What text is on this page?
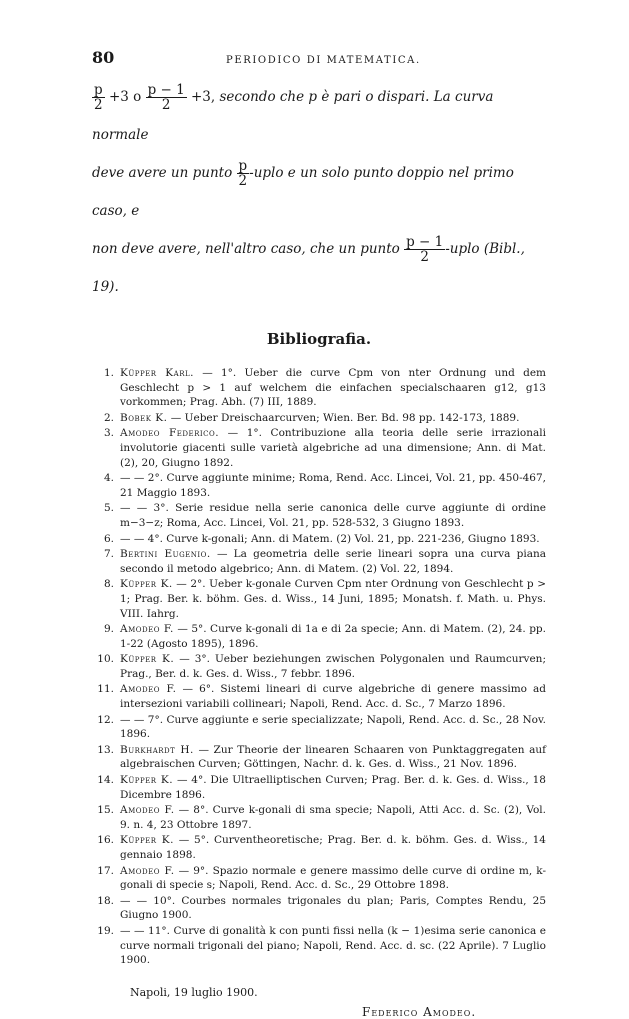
80	PERIODICO DI MATEMATICA.

$\frac{p}{2} +3$ o $\frac{p - 1}{2} +3$, secondo che p è pari o dispari. La curva normale

deve avere un punto $\frac{p}{2}$ -uplo e un solo punto doppio nel primo caso, e

non deve avere, nell'altro caso, che un punto $\frac{p - 1}{2}$ -uplo (Bibl., 19).

Bibliografia.
1. Küpper Karl. — 1°. Ueber die curve Cpm von nter Ordnung und dem Geschlecht p > 1 auf welchem die einfachen specialschaaren g12, g13 vorkommen; Prag. Abh. (7) III, 1889.
2. Bobek K. — Ueber Dreischaarcurven; Wien. Ber. Bd. 98 pp. 142-173, 1889.
3. Amodeo Federico. — 1°. Contribuzione alla teoria delle serie irrazionali involutorie giacenti sulle varietà algebriche ad una dimensione; Ann. di Mat. (2), 20, Giugno 1892.
4. — — 2°. Curve aggiunte minime; Roma, Rend. Acc. Lincei, Vol. 21, pp. 450-467, 21 Maggio 1893.
5. — — 3°. Serie residue nella serie canonica delle curve aggiunte di ordine m−3−z; Roma, Acc. Lincei, Vol. 21, pp. 528-532, 3 Giugno 1893.
6. — — 4°. Curve k-gonali; Ann. di Matem. (2) Vol. 21, pp. 221-236, Giugno 1893.
7. Bertini Eugenio. — La geometria delle serie lineari sopra una curva piana secondo il metodo algebrico; Ann. di Matem. (2) Vol. 22, 1894.
8. Küpper K. — 2°. Ueber k-gonale Curven Cpm nter Ordnung von Geschlecht p > 1; Prag. Ber. k. böhm. Ges. d. Wiss., 14 Juni, 1895; Monatsh. f. Math. u. Phys. VIII. Iahrg.
9. Amodeo F. — 5°. Curve k-gonali di 1a e di 2a specie; Ann. di Matem. (2), 24. pp. 1-22 (Agosto 1895), 1896.
10. Küpper K. — 3°. Ueber beziehungen zwischen Polygonalen und Raumcurven; Prag., Ber. d. k. Ges. d. Wiss., 7 febbr. 1896.
11. Amodeo F. — 6°. Sistemi lineari di curve algebriche di genere massimo ad intersezioni variabili collineari; Napoli, Rend. Acc. d. Sc., 7 Marzo 1896.
12. — — 7°. Curve aggiunte e serie specializzate; Napoli, Rend. Acc. d. Sc., 28 Nov. 1896.
13. Burkhardt H. — Zur Theorie der linearen Schaaren von Punktaggregaten auf algebraischen Curven; Göttingen, Nachr. d. k. Ges. d. Wiss., 21 Nov. 1896.
14. Küpper K. — 4°. Die Ultraelliptischen Curven; Prag. Ber. d. k. Ges. d. Wiss., 18 Dicembre 1896.
15. Amodeo F. — 8°. Curve k-gonali di sma specie; Napoli, Atti Acc. d. Sc. (2), Vol. 9. n. 4, 23 Ottobre 1897.
16. Küpper K. — 5°. Curventheoretische; Prag. Ber. d. k. böhm. Ges. d. Wiss., 14 gennaio 1898.
17. Amodeo F. — 9°. Spazio normale e genere massimo delle curve di ordine m, k-gonali di specie s; Napoli, Rend. Acc. d. Sc., 29 Ottobre 1898.
18. — — 10°. Courbes normales trigonales du plan; Paris, Comptes Rendu, 25 Giugno 1900.
19. — — 11°. Curve di gonalità k con punti fissi nella (k − 1)esima serie canonica e curve normali trigonali del piano; Napoli, Rend. Acc. d. sc. (22 Aprile). 7 Luglio 1900.
Napoli, 19 luglio 1900.
Federico Amodeo.
